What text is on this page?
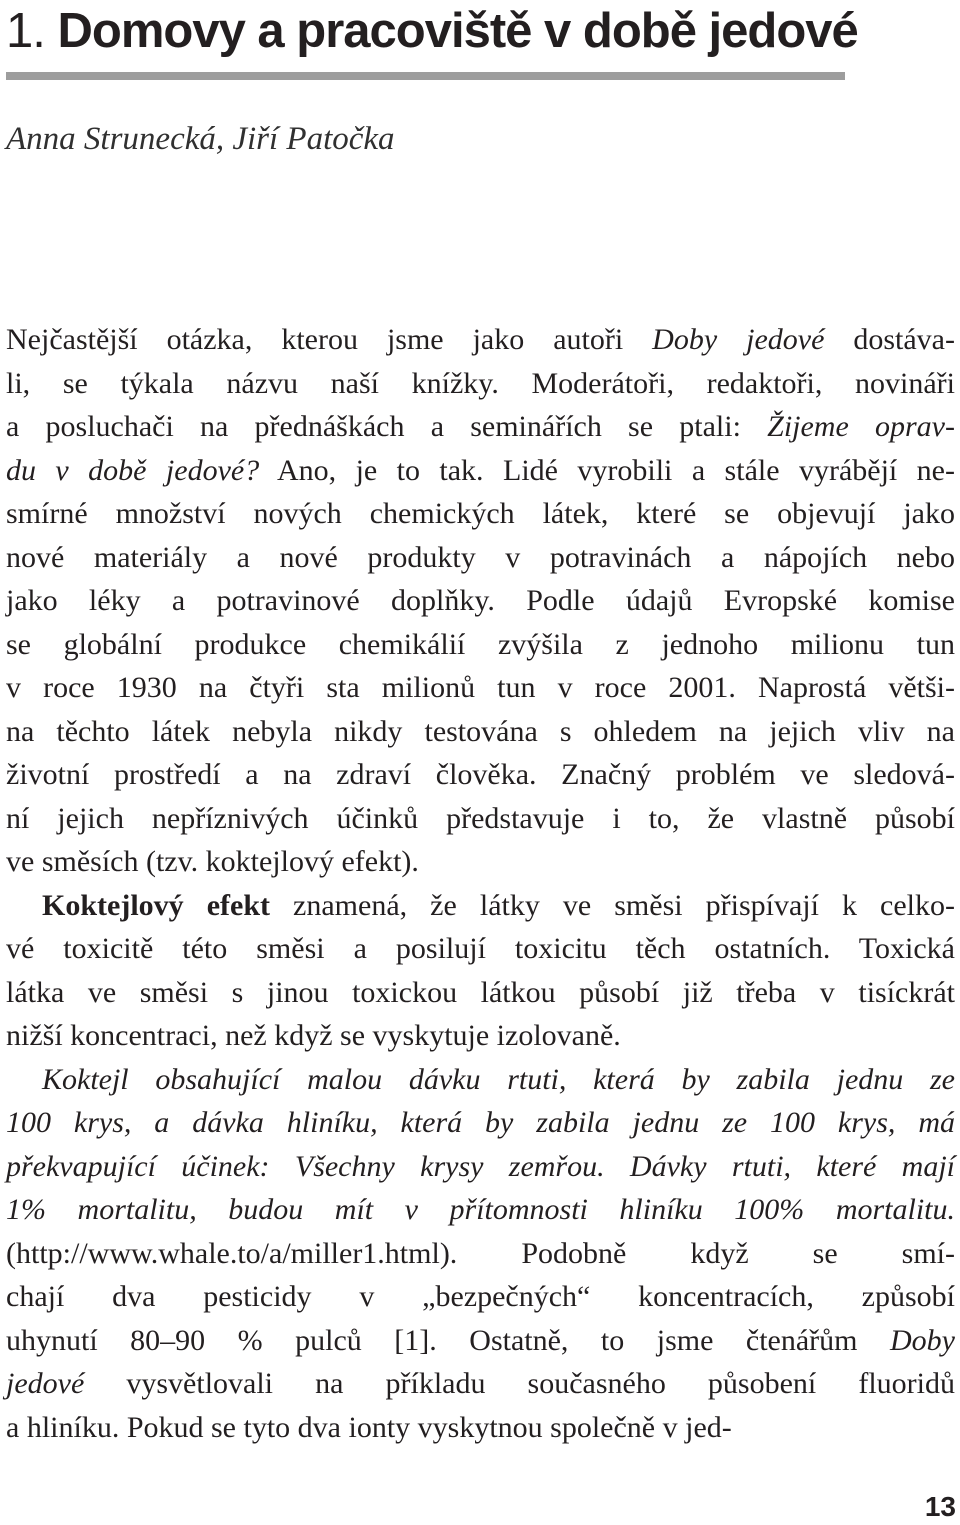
1. Domovy a pracoviště v době jedové
Anna Strunecká, Jiří Patočka
Nejčastější otázka, kterou jsme jako autoři Doby jedové dostáva-
li, se týkala názvu naší knížky. Moderátoři, redaktoři, novináři
a posluchači na přednáškách a seminářích se ptali: Žijeme oprav-
du v době jedové? Ano, je to tak. Lidé vyrobili a stále vyrábějí ne-
smírné množství nových chemických látek, které se objevují jako
nové materiály a nové produkty v potravinách a nápojích nebo
jako léky a potravinové doplňky. Podle údajů Evropské komise
se globální produkce chemikálií zvýšila z jednoho milionu tun
v roce 1930 na čtyři sta milionů tun v roce 2001. Naprostá větši-
na těchto látek nebyla nikdy testována s ohledem na jejich vliv na
životní prostředí a na zdraví člověka. Značný problém ve sledová-
ní jejich nepříznivých účinků představuje i to, že vlastně působí
ve směsích (tzv. koktejlový efekt).
Koktejlový efekt znamená, že látky ve směsi přispívají k celko-
vé toxicitě této směsi a posilují toxicitu těch ostatních. Toxická
látka ve směsi s jinou toxickou látkou působí již třeba v tisíckrát
nižší koncentraci, než když se vyskytuje izolovaně.
Koktejl obsahující malou dávku rtuti, která by zabila jednu ze
100 krys, a dávka hliníku, která by zabila jednu ze 100 krys, má
překvapující účinek: Všechny krysy zemřou. Dávky rtuti, které mají
1% mortalitu, budou mít v přítomnosti hliníku 100% mortalitu.
(http://www.whale.to/a/miller1.html). Podobně když se smí-
chají dva pesticidy v „bezpečných“ koncentracích, způsobí
uhynutí 80–90 % pulců [1]. Ostatně, to jsme čtenářům Doby
jedové vysvětlovali na příkladu současného působení fluoridů
a hliníku. Pokud se tyto dva ionty vyskytnou společně v jed-
13
